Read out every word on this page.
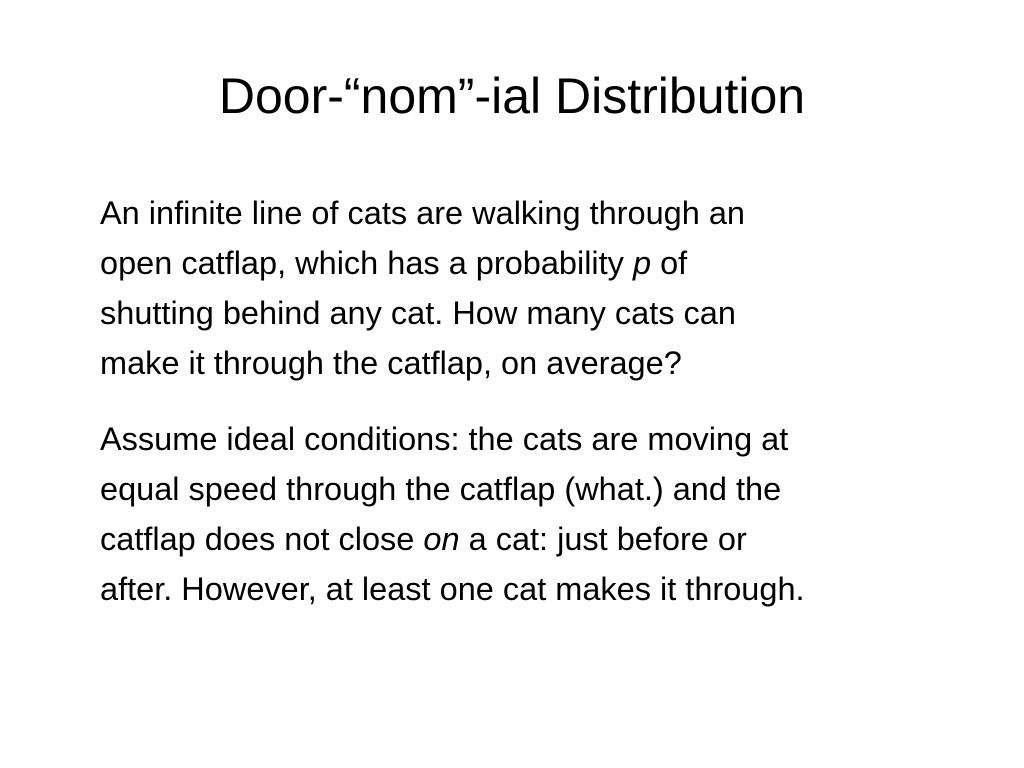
Door-“nom”-ial Distribution

An infinite line of cats are walking through an
open catflap, which has a probability p of
shutting behind any cat. How many cats can
make it through the catflap, on average?

Assume ideal conditions: the cats are moving at
equal speed through the catflap (what.) and the
catflap does not close on a cat: just before or
after. However, at least one cat makes it through.
